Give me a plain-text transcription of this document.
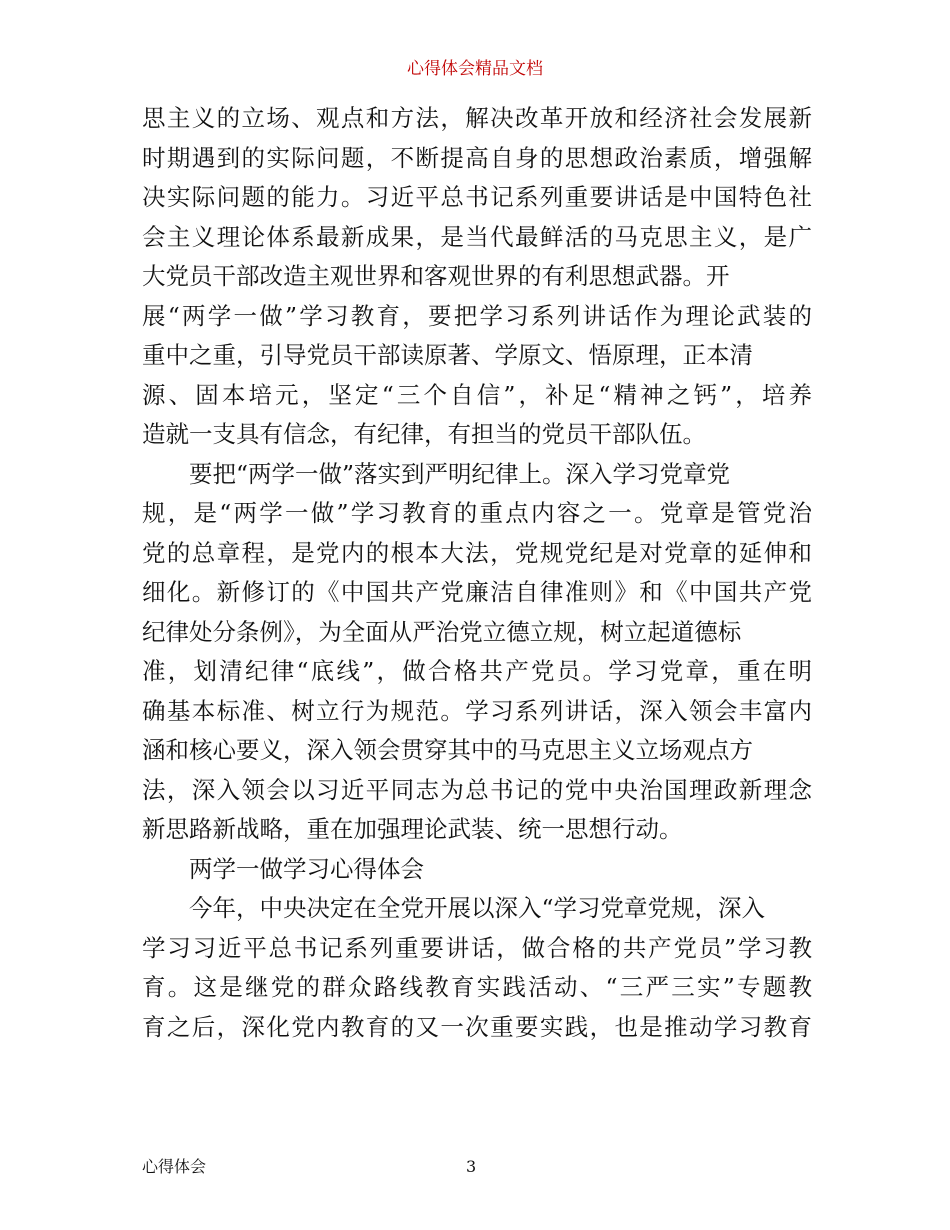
心得体会精品文档
思主义的立场、观点和方法，解决改革开放和经济社会发展新
时期遇到的实际问题，不断提高自身的思想政治素质，增强解
决实际问题的能力。习近平总书记系列重要讲话是中国特色社
会主义理论体系最新成果，是当代最鲜活的马克思主义，是广
大党员干部改造主观世界和客观世界的有利思想武器。开
展“两学一做”学习教育，要把学习系列讲话作为理论武装的
重中之重，引导党员干部读原著、学原文、悟原理，正本清
源、固本培元，坚定“三个自信”，补足“精神之钙”，培养
造就一支具有信念，有纪律，有担当的党员干部队伍。
要把“两学一做”落实到严明纪律上。深入学习党章党
规，是“两学一做”学习教育的重点内容之一。党章是管党治
党的总章程，是党内的根本大法，党规党纪是对党章的延伸和
细化。新修订的《中国共产党廉洁自律准则》和《中国共产党
纪律处分条例》，为全面从严治党立德立规，树立起道德标
准，划清纪律“底线”，做合格共产党员。学习党章，重在明
确基本标准、树立行为规范。学习系列讲话，深入领会丰富内
涵和核心要义，深入领会贯穿其中的马克思主义立场观点方
法，深入领会以习近平同志为总书记的党中央治国理政新理念
新思路新战略，重在加强理论武装、统一思想行动。
两学一做学习心得体会
今年，中央决定在全党开展以深入“学习党章党规，深入
学习习近平总书记系列重要讲话，做合格的共产党员”学习教
育。这是继党的群众路线教育实践活动、“三严三实”专题教
育之后，深化党内教育的又一次重要实践，也是推动学习教育
心得体会	3
